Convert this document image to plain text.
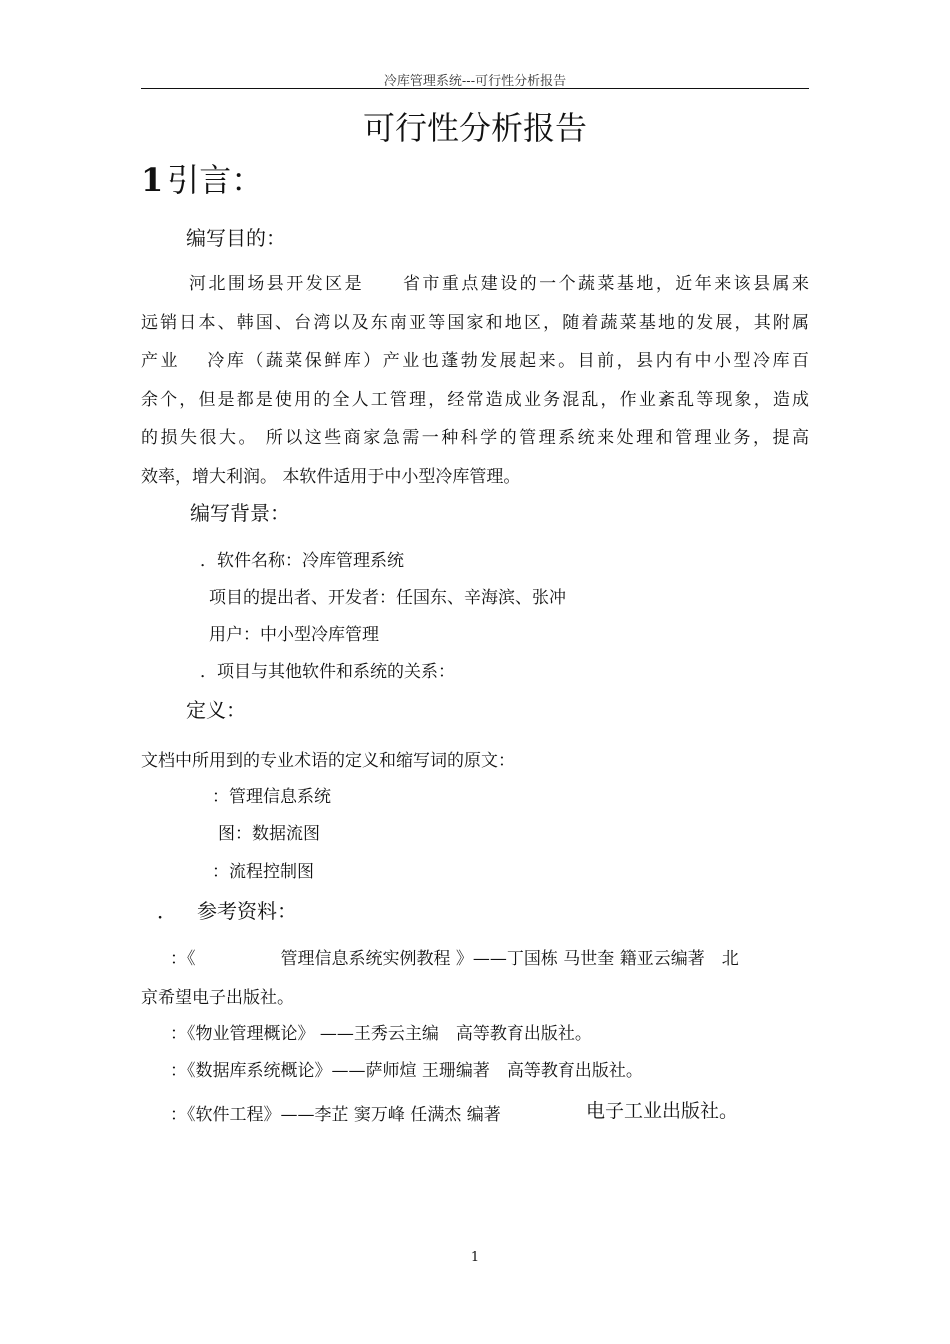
冷库管理系统---可行性分析报告
可行性分析报告
1 引言：
编写目的：
河北围场县开发区是　　省市重点建设的一个蔬菜基地，近年来该县属来
远销日本、韩国、台湾以及东南亚等国家和地区，随着蔬菜基地的发展，其附属
产业　 冷库（蔬菜保鲜库）产业也蓬勃发展起来。目前，县内有中小型冷库百
余个，但是都是使用的全人工管理，经常造成业务混乱，作业紊乱等现象，造成
的损失很大。 所以这些商家急需一种科学的管理系统来处理和管理业务，提高
效率，增大利润。 本软件适用于中小型冷库管理。
编写背景：
．软件名称：冷库管理系统
项目的提出者、开发者：任国东、辛海滨、张冲
用户：中小型冷库管理
．项目与其他软件和系统的关系：
定义：
文档中所用到的专业术语的定义和缩写词的原文：
：管理信息系统
图：数据流图
：流程控制图
． 参考资料：
：《　　　　　管理信息系统实例教程 》——丁国栋 马世奎 籍亚云编著　北
京希望电子出版社。
：《物业管理概论》 ——王秀云主编　高等教育出版社。
：《数据库系统概论》——萨师煊 王珊编著　高等教育出版社。
：《软件工程》——李芷 窦万峰 任满杰 编著　	电子工业出版社。
1
